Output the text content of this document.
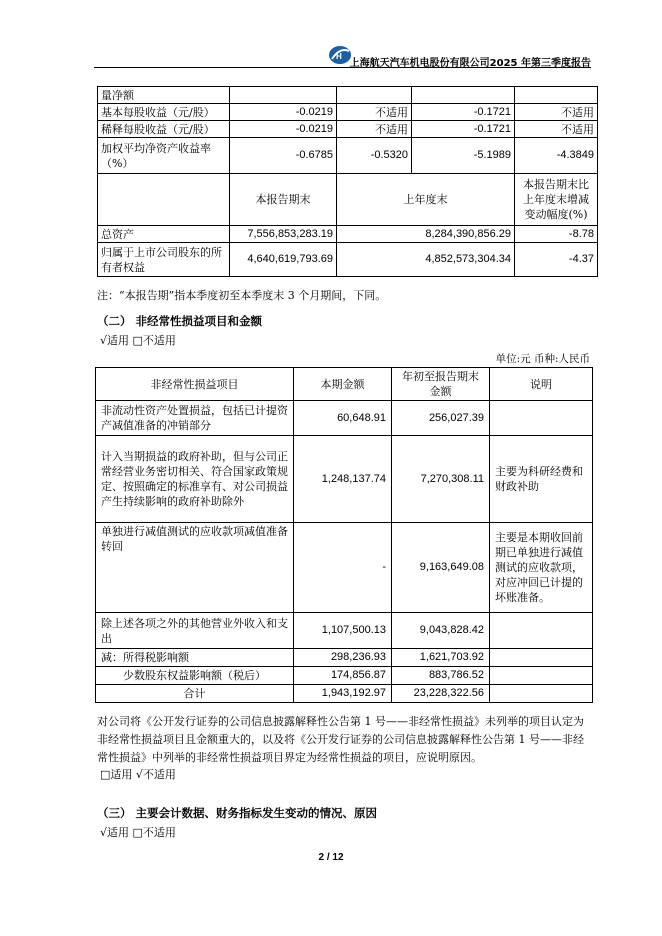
H
上海航天汽车机电股份有限公司2025 年第三季度报告
量净额				
基本每股收益（元/股）	-0.0219	不适用	-0.1721	不适用
稀释每股收益（元/股）	-0.0219	不适用	-0.1721	不适用
加权平均净资产收益率（%）	-0.6785	-0.5320	-5.1989	-4.3849
	本报告期末	上年度末		本报告期末比上年度末增减变动幅度(%)
总资产	7,556,853,283.19	8,284,390,856.29		-8.78
归属于上市公司股东的所有者权益	4,640,619,793.69	4,852,573,304.34		-4.37
注：“本报告期”指本季度初至本季度末 3 个月期间，下同。
（二） 非经常性损益项目和金额
√适用 □不适用
单位:元 币种:人民币
非经常性损益项目	本期金额	年初至报告期末金额	说明
非流动性资产处置损益，包括已计提资产减值准备的冲销部分	60,648.91	256,027.39	
计入当期损益的政府补助，但与公司正常经营业务密切相关、符合国家政策规定、按照确定的标准享有、对公司损益产生持续影响的政府补助除外	1,248,137.74	7,270,308.11	主要为科研经费和财政补助
单独进行减值测试的应收款项减值准备转回	-	9,163,649.08	主要是本期收回前期已单独进行减值测试的应收款项，对应冲回已计提的坏账准备。
除上述各项之外的其他营业外收入和支出	1,107,500.13	9,043,828.42	
减：所得税影响额	298,236.93	1,621,703.92	
少数股东权益影响额（税后）	174,856.87	883,786.52	
合计	1,943,192.97	23,228,322.56	
对公司将《公开发行证券的公司信息披露解释性公告第 1 号——非经常性损益》未列举的项目认定为非经常性损益项目且金额重大的，以及将《公开发行证券的公司信息披露解释性公告第 1 号——非经常性损益》中列举的非经常性损益项目界定为经常性损益的项目，应说明原因。
□适用 √不适用
（三） 主要会计数据、财务指标发生变动的情况、原因
√适用 □不适用
2 / 12
